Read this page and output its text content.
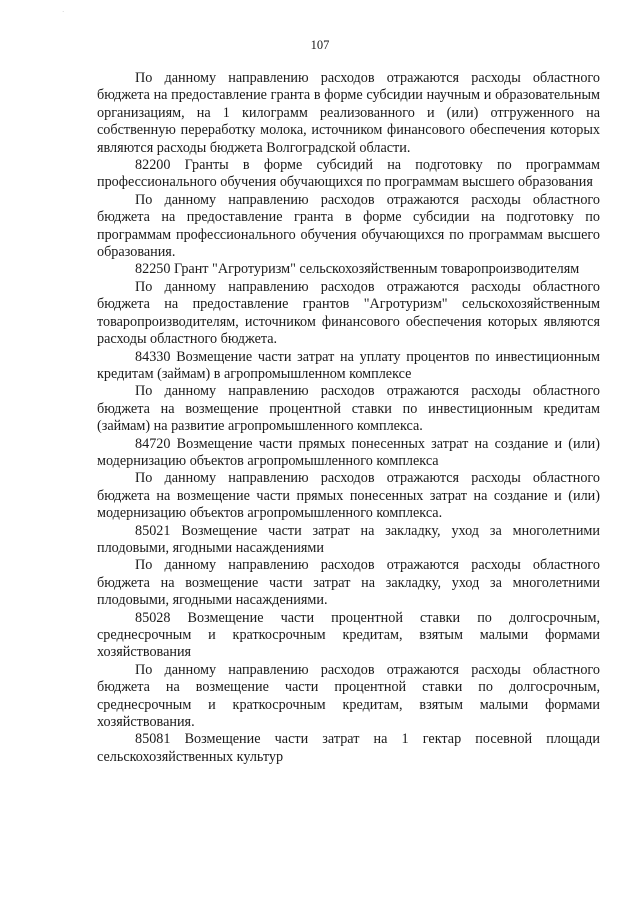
·
107

По данному направлению расходов отражаются расходы областного бюджета на предоставление гранта в форме субсидии научным и образовательным организациям, на 1 килограмм реализованного и (или) отгруженного на собственную переработку молока, источником финансового обеспечения которых являются расходы бюджета Волгоградской области.

82200 Гранты в форме субсидий на подготовку по программам профессионального обучения обучающихся по программам высшего образования

По данному направлению расходов отражаются расходы областного бюджета на предоставление гранта в форме субсидии на подготовку по программам профессионального обучения обучающихся по программам высшего образования.

82250 Грант "Агротуризм" сельскохозяйственным товаропроизводителям

По данному направлению расходов отражаются расходы областного бюджета на предоставление грантов "Агротуризм" сельскохозяйственным товаропроизводителям, источником финансового обеспечения которых являются расходы областного бюджета.

84330 Возмещение части затрат на уплату процентов по инвестиционным кредитам (займам) в агропромышленном комплексе

По данному направлению расходов отражаются расходы областного бюджета на возмещение процентной ставки по инвестиционным кредитам (займам) на развитие агропромышленного комплекса.

84720 Возмещение части прямых понесенных затрат на создание и (или) модернизацию объектов агропромышленного комплекса

По данному направлению расходов отражаются расходы областного бюджета на возмещение части прямых понесенных затрат на создание и (или) модернизацию объектов агропромышленного комплекса.

85021 Возмещение части затрат на закладку, уход за многолетними плодовыми, ягодными насаждениями

По данному направлению расходов отражаются расходы областного бюджета на возмещение части затрат на закладку, уход за многолетними плодовыми, ягодными насаждениями.

85028 Возмещение части процентной ставки по долгосрочным, среднесрочным и краткосрочным кредитам, взятым малыми формами хозяйствования

По данному направлению расходов отражаются расходы областного бюджета на возмещение части процентной ставки по долгосрочным, среднесрочным и краткосрочным кредитам, взятым малыми формами хозяйствования.

85081 Возмещение части затрат на 1 гектар посевной площади сельскохозяйственных культур
